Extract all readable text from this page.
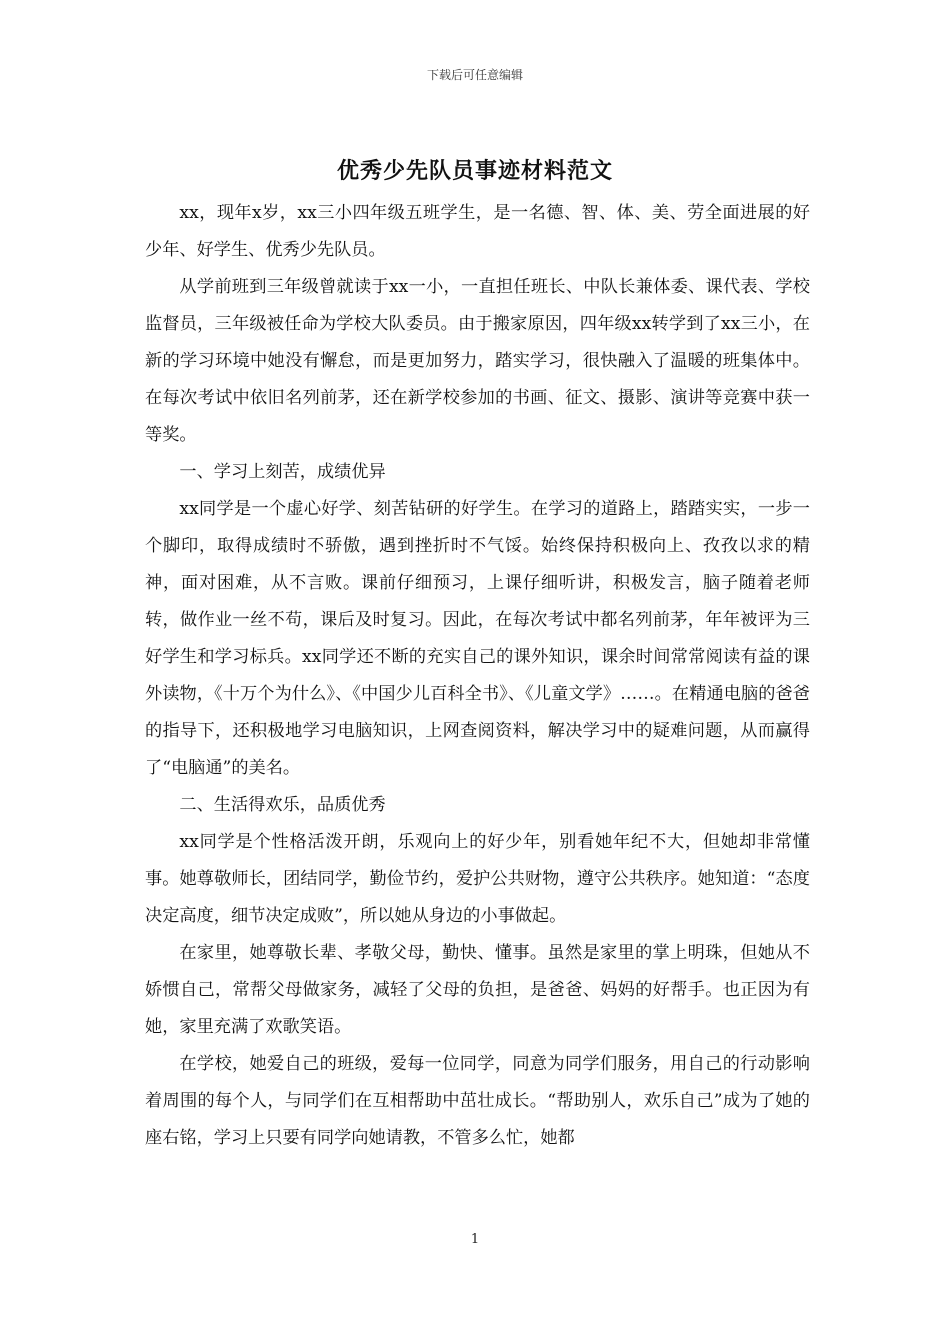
下载后可任意编辑
优秀少先队员事迹材料范文

xx，现年x岁，xx三小四年级五班学生，是一名德、智、体、美、劳全面进展的好少年、好学生、优秀少先队员。

从学前班到三年级曾就读于xx一小，一直担任班长、中队长兼体委、课代表、学校监督员，三年级被任命为学校大队委员。由于搬家原因，四年级xx转学到了xx三小，在新的学习环境中她没有懈怠，而是更加努力，踏实学习，很快融入了温暖的班集体中。在每次考试中依旧名列前茅，还在新学校参加的书画、征文、摄影、演讲等竞赛中获一等奖。

一、学习上刻苦，成绩优异

xx同学是一个虚心好学、刻苦钻研的好学生。在学习的道路上，踏踏实实，一步一个脚印，取得成绩时不骄傲，遇到挫折时不气馁。始终保持积极向上、孜孜以求的精神，面对困难，从不言败。课前仔细预习，上课仔细听讲，积极发言，脑子随着老师转，做作业一丝不苟，课后及时复习。因此，在每次考试中都名列前茅，年年被评为三好学生和学习标兵。xx同学还不断的充实自己的课外知识，课余时间常常阅读有益的课外读物，《十万个为什么》、《中国少儿百科全书》、《儿童文学》……。在精通电脑的爸爸的指导下，还积极地学习电脑知识，上网查阅资料，解决学习中的疑难问题，从而赢得了“电脑通”的美名。

二、生活得欢乐，品质优秀

xx同学是个性格活泼开朗，乐观向上的好少年，别看她年纪不大，但她却非常懂事。她尊敬师长，团结同学，勤俭节约，爱护公共财物，遵守公共秩序。她知道：“态度决定高度，细节决定成败”，所以她从身边的小事做起。

在家里，她尊敬长辈、孝敬父母，勤快、懂事。虽然是家里的掌上明珠，但她从不娇惯自己，常帮父母做家务，减轻了父母的负担，是爸爸、妈妈的好帮手。也正因为有她，家里充满了欢歌笑语。

在学校，她爱自己的班级，爱每一位同学，同意为同学们服务，用自己的行动影响着周围的每个人，与同学们在互相帮助中茁壮成长。“帮助别人，欢乐自己”成为了她的座右铭，学习上只要有同学向她请教，不管多么忙，她都

1
